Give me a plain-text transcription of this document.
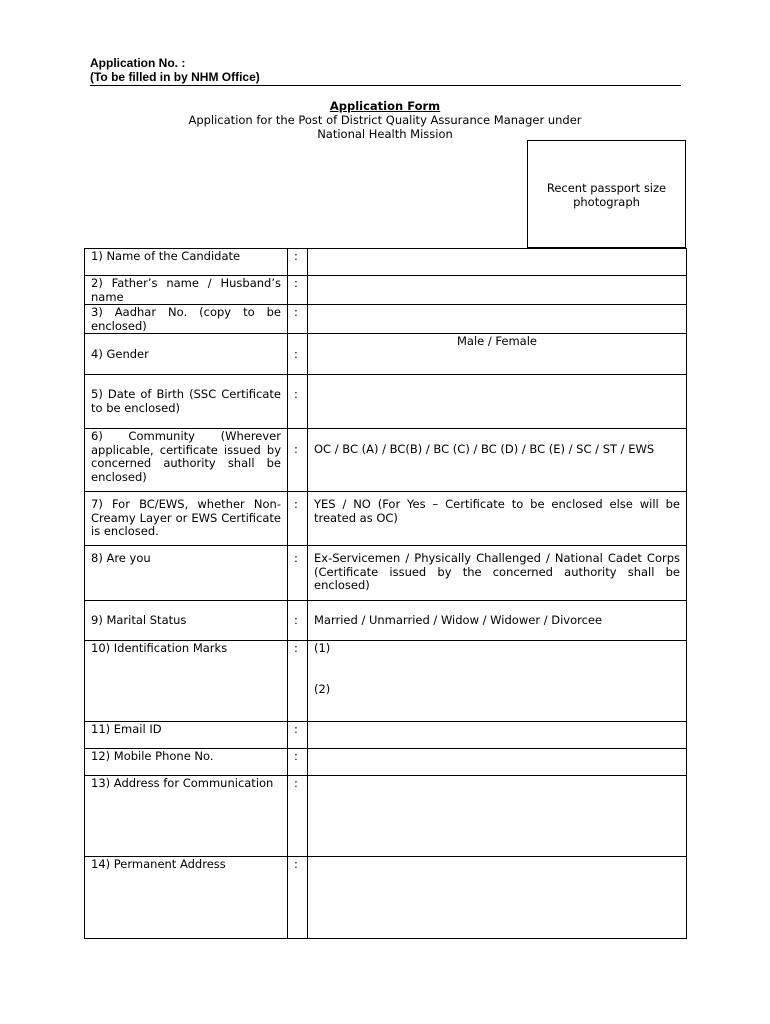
Application No. :
(To be filled in by NHM Office)
Application Form
Application for the Post of District Quality Assurance Manager under
National Health Mission
Recent passport size
photograph
1) Name of the Candidate	:	
2) Father’s name / Husband’s name	:	
3) Aadhar No. (copy to be enclosed)	:	
4) Gender	:	Male / Female
5) Date of Birth (SSC Certificate to be enclosed)	:	
6) Community (Wherever applicable, certificate issued by concerned authority shall be enclosed)	:	OC / BC (A) / BC(B) / BC (C) / BC (D) / BC (E) / SC / ST / EWS
7) For BC/EWS, whether Non-Creamy Layer or EWS Certificate is enclosed.	:	YES / NO (For Yes – Certificate to be enclosed else will be treated as OC)
8) Are you	:	Ex-Servicemen / Physically Challenged / National Cadet Corps (Certificate issued by the concerned authority shall be enclosed)
9) Marital Status	:	Married / Unmarried / Widow / Widower / Divorcee
10) Identification Marks	:	(1)
(2)

11) Email ID	:	
12) Mobile Phone No.	:	
13) Address for Communication	:	
14) Permanent Address	:	
